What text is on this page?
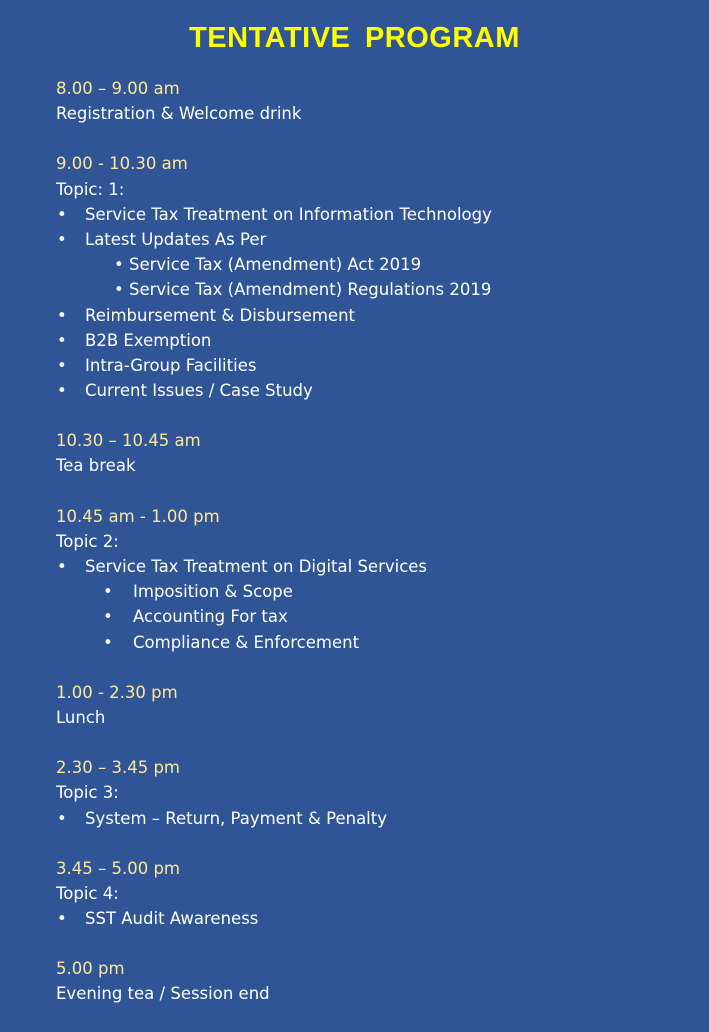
TENTATIVE PROGRAM
8.00 – 9.00 am
Registration & Welcome drink
9.00 - 10.30 am
Topic: 1:
• Service Tax Treatment on Information Technology
• Latest Updates As Per
• Service Tax (Amendment) Act 2019
• Service Tax (Amendment) Regulations 2019
• Reimbursement & Disbursement
• B2B Exemption
• Intra-Group Facilities
• Current Issues / Case Study
10.30 – 10.45 am
Tea break
10.45 am - 1.00 pm
Topic 2:
• Service Tax Treatment on Digital Services
• Imposition & Scope
• Accounting For tax
• Compliance & Enforcement
1.00 - 2.30 pm
Lunch
2.30 – 3.45 pm
Topic 3:
• System – Return, Payment & Penalty
3.45 – 5.00 pm
Topic 4:
• SST Audit Awareness
5.00 pm
Evening tea / Session end
